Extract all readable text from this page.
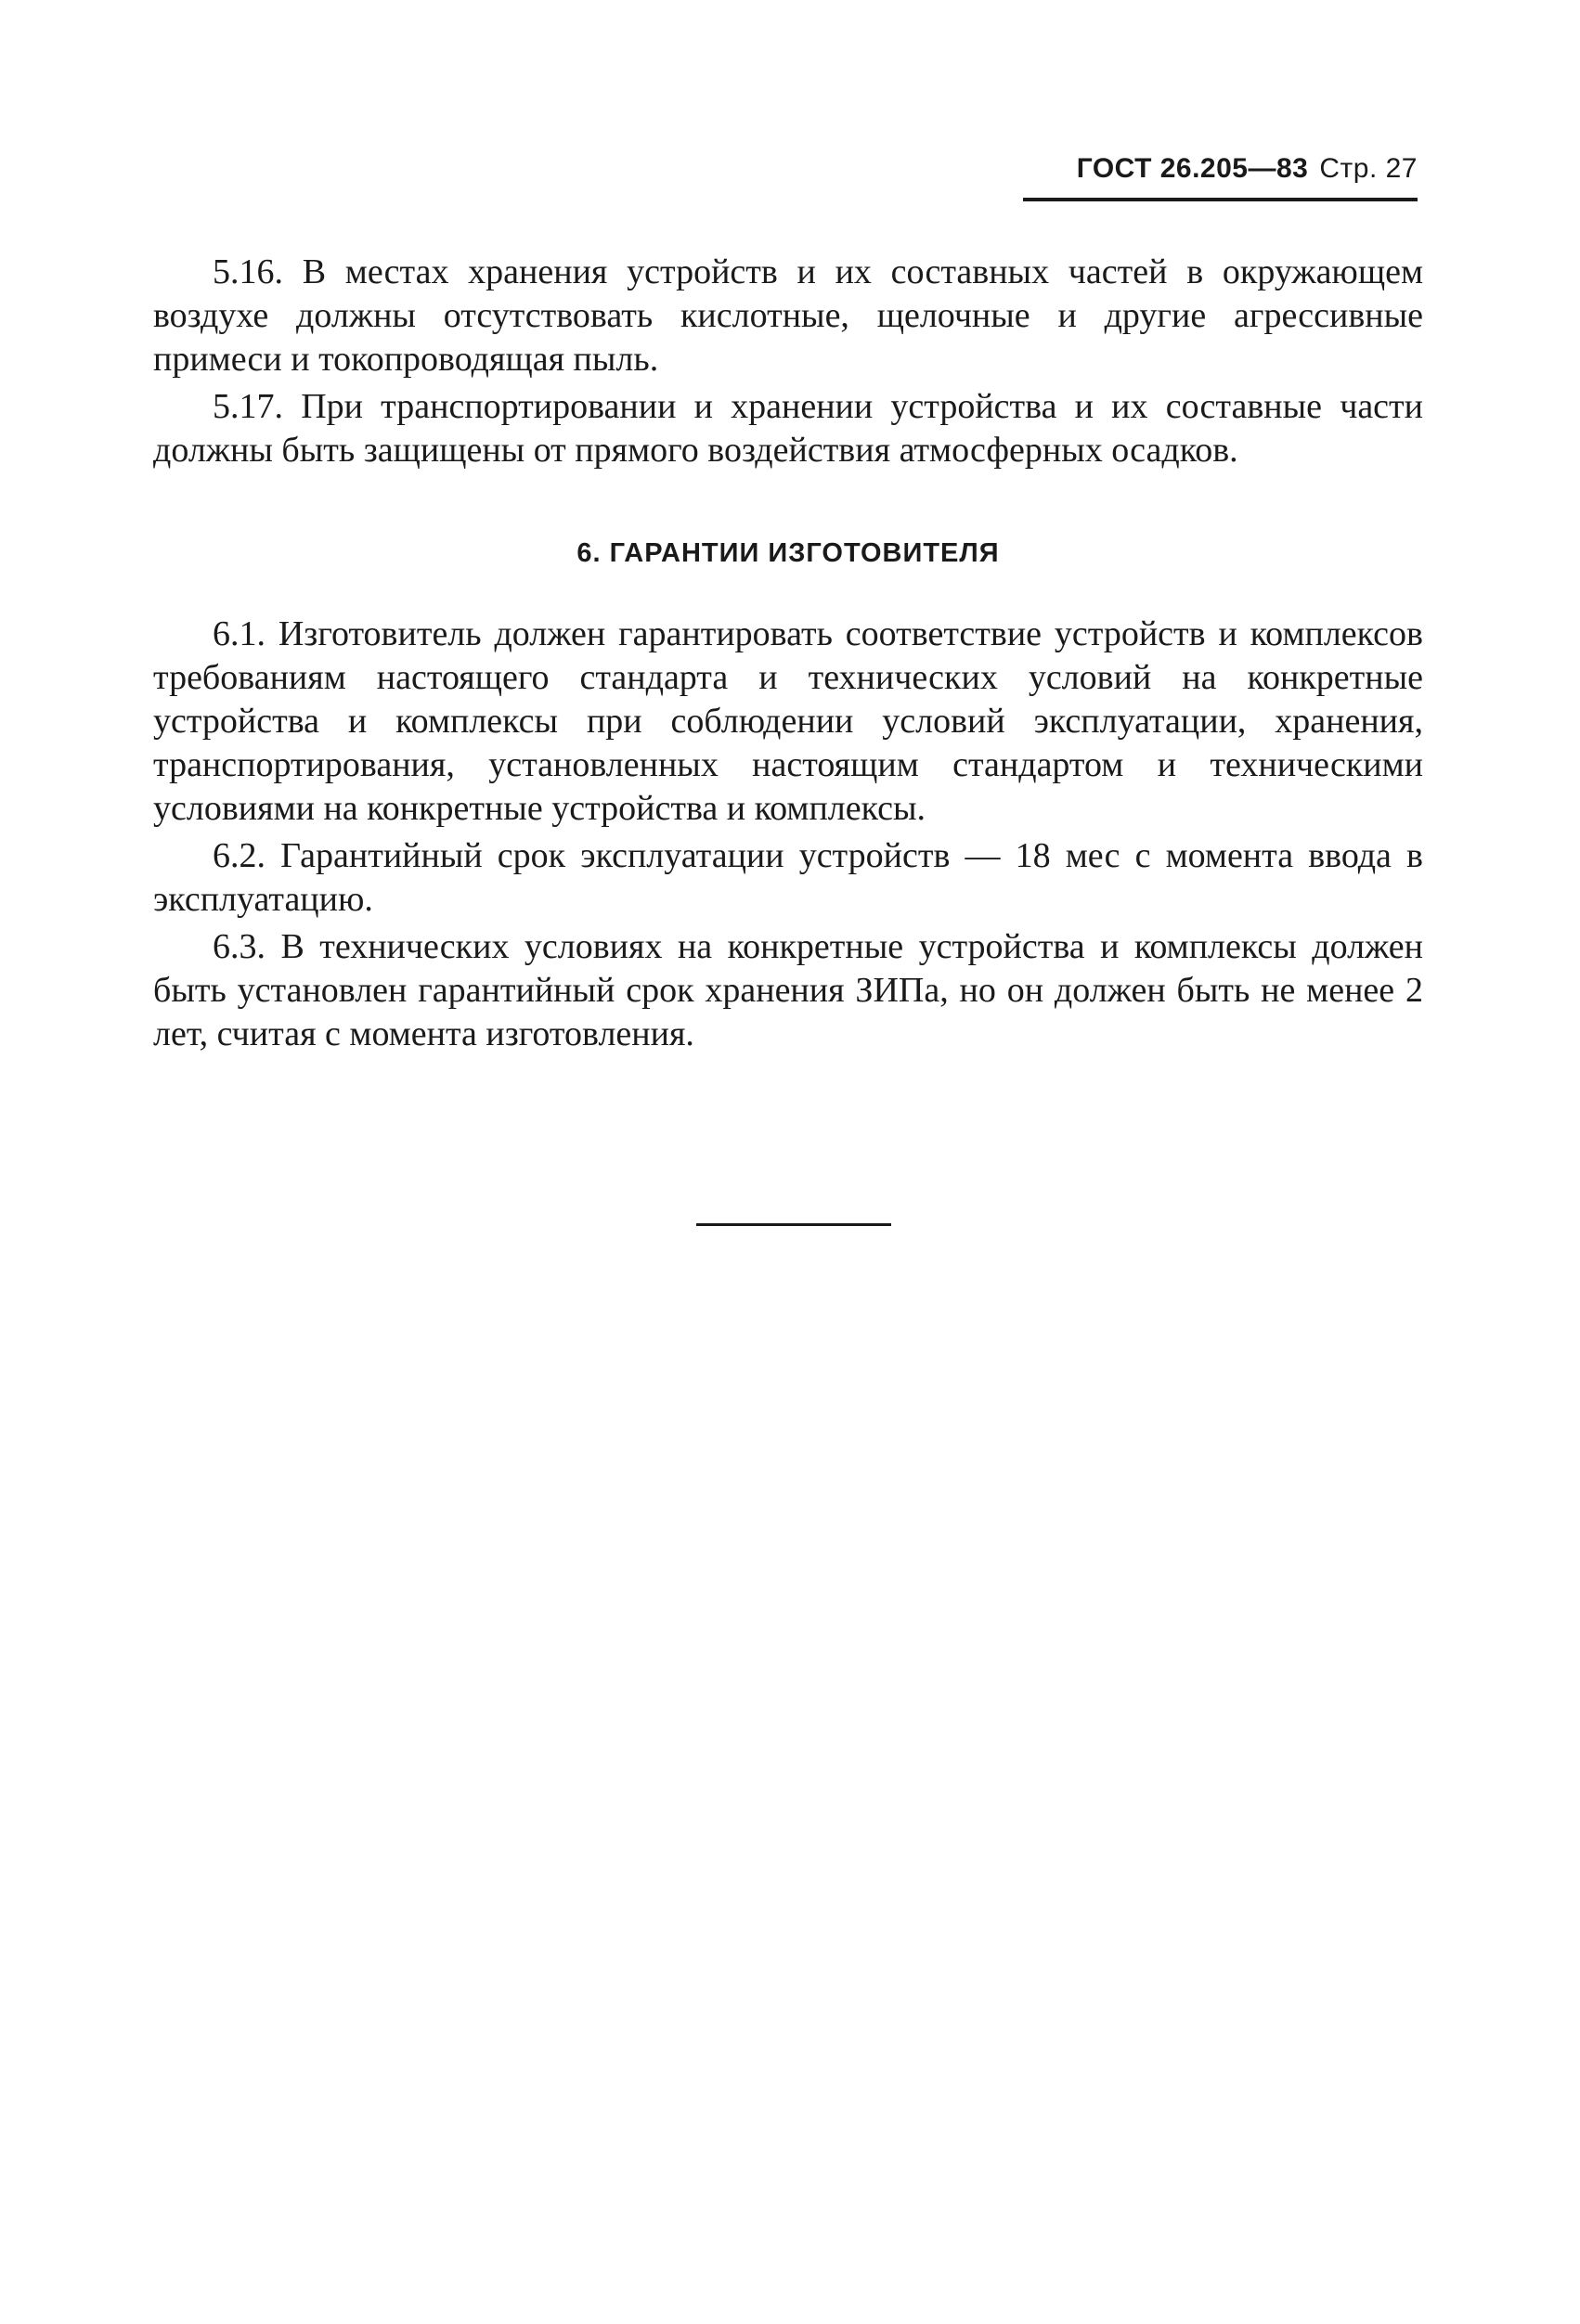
ГОСТ 26.205—83 Стр. 27

5.16. В местах хранения устройств и их составных частей в окружающем воздухе должны отсутствовать кислотные, щелочные и другие агрессивные примеси и токопроводящая пыль.

5.17. При транспортировании и хранении устройства и их составные части должны быть защищены от прямого воздействия атмосферных осадков.

6. ГАРАНТИИ ИЗГОТОВИТЕЛЯ

6.1. Изготовитель должен гарантировать соответствие устройств и комплексов требованиям настоящего стандарта и технических условий на конкретные устройства и комплексы при соблюдении условий эксплуатации, хранения, транспортирования, установленных настоящим стандартом и техническими условиями на конкретные устройства и комплексы.

6.2. Гарантийный срок эксплуатации устройств — 18 мес с момента ввода в эксплуатацию.

6.3. В технических условиях на конкретные устройства и комплексы должен быть установлен гарантийный срок хранения ЗИПа, но он должен быть не менее 2 лет, считая с момента изготовления.
